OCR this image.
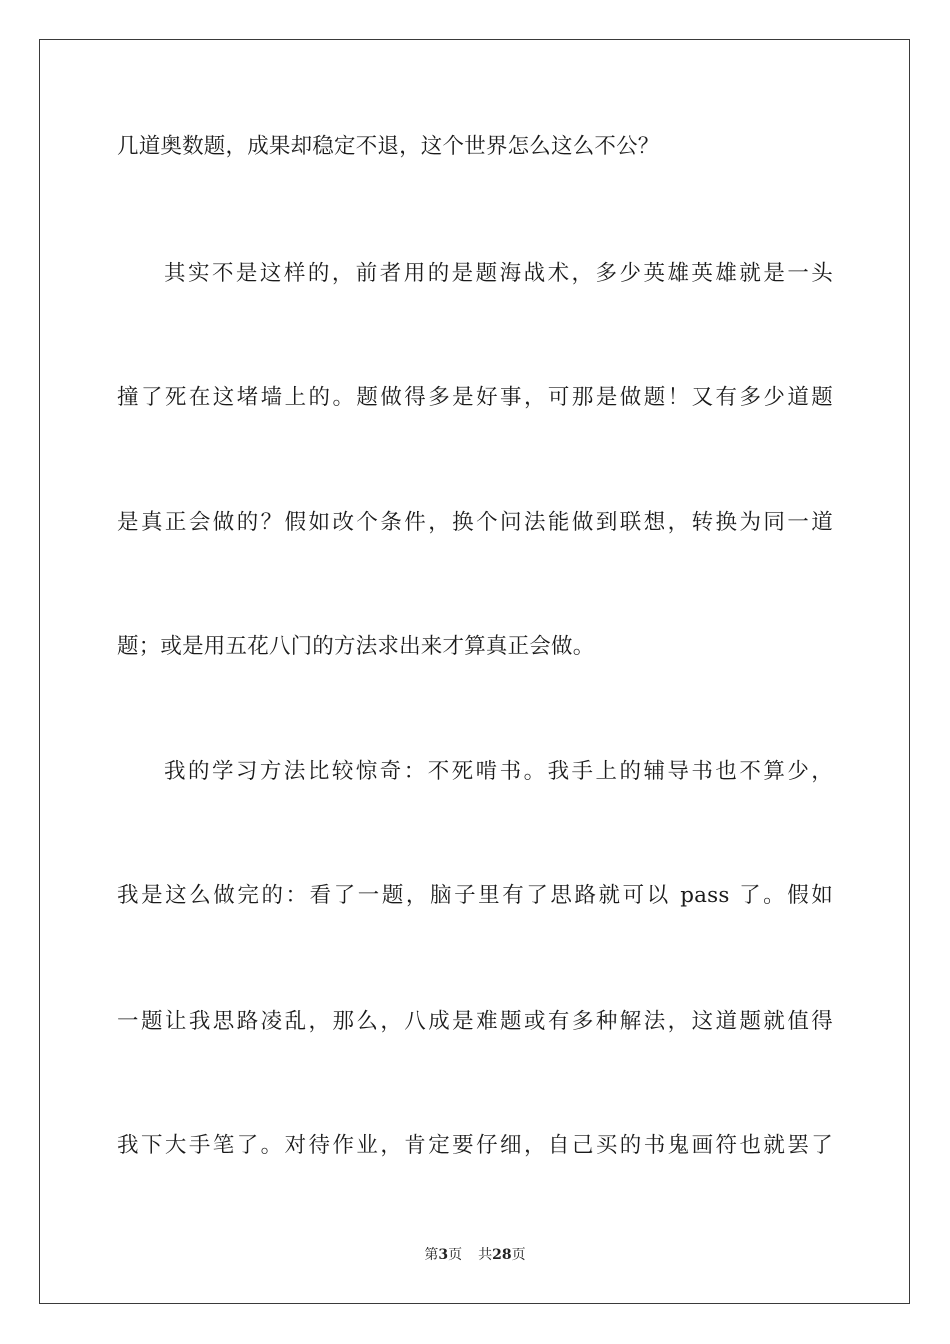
几道奥数题，成果却稳定不退，这个世界怎么这么不公？
其实不是这样的，前者用的是题海战术，多少英雄英雄就是一头
撞了死在这堵墙上的。题做得多是好事，可那是做题！又有多少道题
是真正会做的？假如改个条件，换个问法能做到联想，转换为同一道
题；或是用五花八门的方法求出来才算真正会做。
我的学习方法比较惊奇：不死啃书。我手上的辅导书也不算少，
我是这么做完的：看了一题，脑子里有了思路就可以 pass 了。假如
一题让我思路凌乱，那么，八成是难题或有多种解法，这道题就值得
我下大手笔了。对待作业，肯定要仔细，自己买的书鬼画符也就罢了
第3页 共28页
